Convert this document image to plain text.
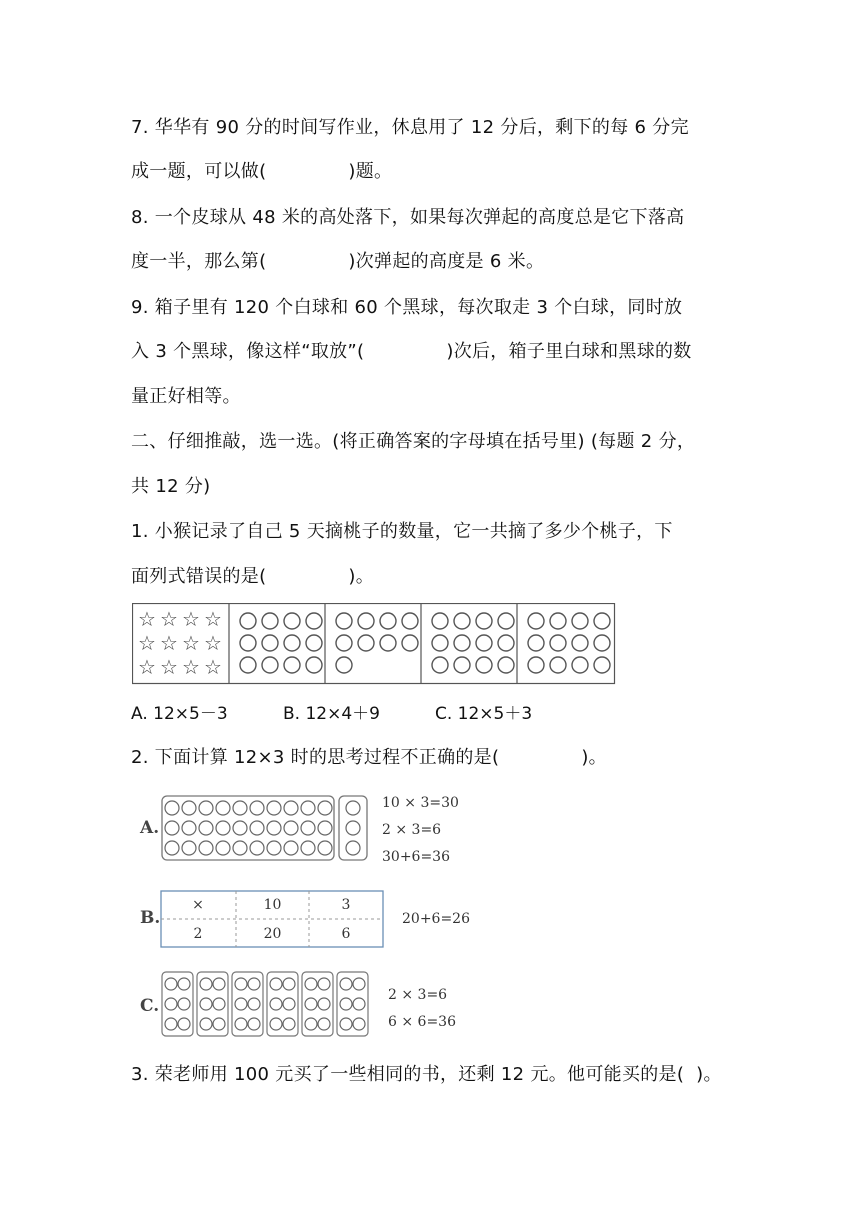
7. 华华有 90 分的时间写作业，休息用了 12 分后，剩下的每 6 分完
成一题，可以做(	)题。
8. 一个皮球从 48 米的高处落下，如果每次弹起的高度总是它下落高
度一半，那么第(	)次弹起的高度是 6 米。
9. 箱子里有 120 个白球和 60 个黑球，每次取走 3 个白球，同时放
入 3 个黑球，像这样“取放”(	)次后，箱子里白球和黑球的数
量正好相等。
二、仔细推敲，选一选。(将正确答案的字母填在括号里) (每题 2 分，
共 12 分)
1. 小猴记录了自己 5 天摘桃子的数量，它一共摘了多少个桃子，下
面列式错误的是(	)。
☆ ☆ ☆ ☆
☆ ☆ ☆ ☆
☆ ☆ ☆ ☆
A. 12×5－3	B. 12×4＋9	C. 12×5＋3
2. 下面计算 12×3 时的思考过程不正确的是(	)。
A.
10 × 3=30
2 × 3=6
30+6=36
B.
×	10	3
2	20	6
20+6=26
C.
2 × 3=6
6 × 6=36
3. 荣老师用 100 元买了一些相同的书，还剩 12 元。他可能买的是( )。
